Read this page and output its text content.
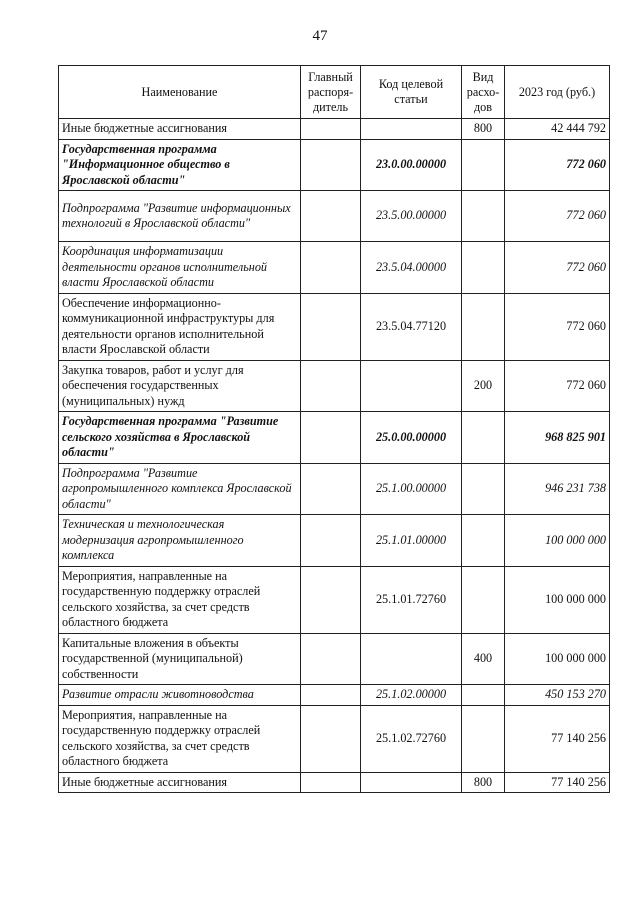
47
Наименование	Главный распоря-дитель	Код целевой статьи	Вид расхо-дов	2023 год (руб.)
Иные бюджетные ассигнования			800	42 444 792
Государственная программа "Информационное общество в Ярославской области"		23.0.00.00000		772 060
Подпрограмма "Развитие информационных технологий в Ярославской области"		23.5.00.00000		772 060
Координация информатизации деятельности органов исполнительной власти Ярославской области		23.5.04.00000		772 060
Обеспечение информационно-коммуникационной инфраструктуры для деятельности органов исполнительной власти Ярославской области		23.5.04.77120		772 060
Закупка товаров, работ и услуг для обеспечения государственных (муниципальных) нужд			200	772 060
Государственная программа "Развитие сельского хозяйства в Ярославской области"		25.0.00.00000		968 825 901
Подпрограмма "Развитие агропромышленного комплекса Ярославской области"		25.1.00.00000		946 231 738
Техническая и технологическая модернизация агропромышленного комплекса		25.1.01.00000		100 000 000
Мероприятия, направленные на государственную поддержку отраслей сельского хозяйства, за счет средств областного бюджета		25.1.01.72760		100 000 000
Капитальные вложения в объекты государственной (муниципальной) собственности			400	100 000 000
Развитие отрасли животноводства		25.1.02.00000		450 153 270
Мероприятия, направленные на государственную поддержку отраслей сельского хозяйства, за счет средств областного бюджета		25.1.02.72760		77 140 256
Иные бюджетные ассигнования			800	77 140 256
